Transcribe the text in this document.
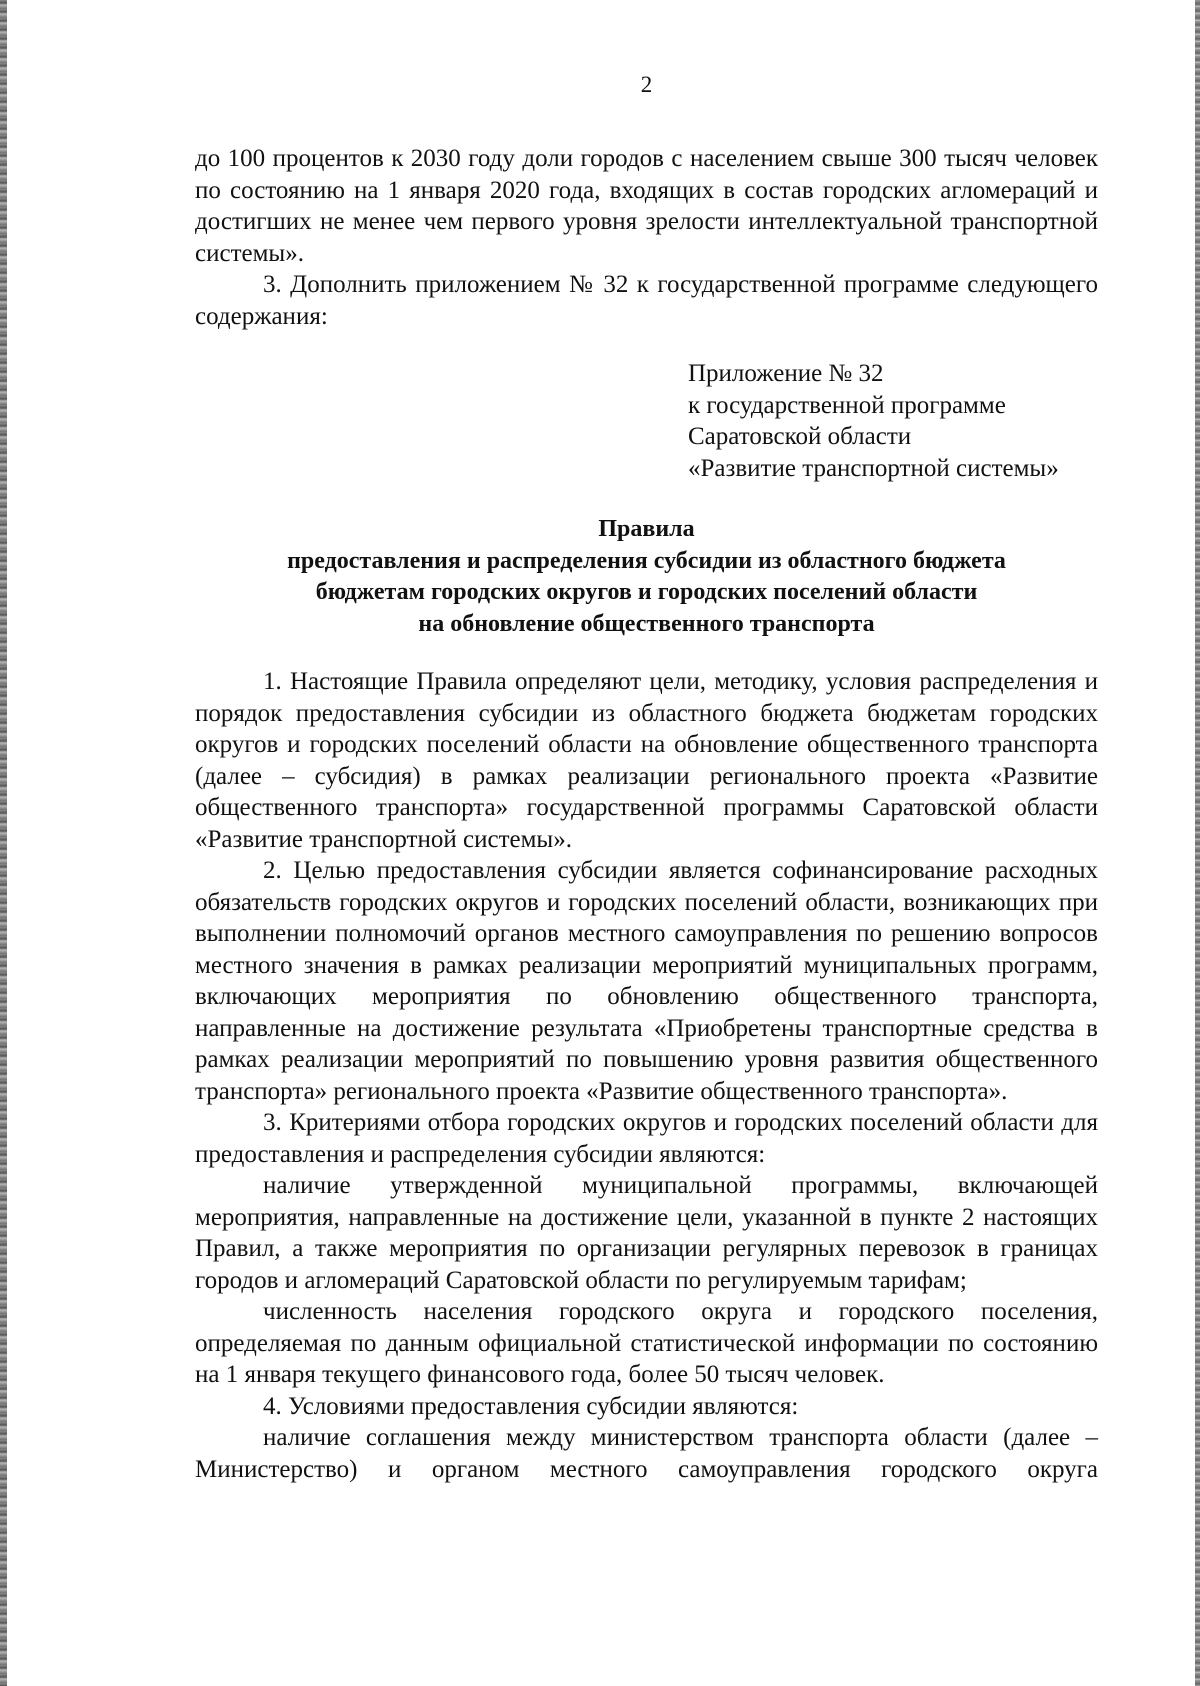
2

до 100 процентов к 2030 году доли городов с населением свыше 300 тысяч человек по состоянию на 1 января 2020 года, входящих в состав городских агломераций и достигших не менее чем первого уровня зрелости интеллектуальной транспортной системы».

3. Дополнить приложением № 32 к государственной программе следующего содержания:

Приложение № 32
к государственной программе
Саратовской области
«Развитие транспортной системы»
Правила
предоставления и распределения субсидии из областного бюджета
бюджетам городских округов и городских поселений области
на обновление общественного транспорта

1. Настоящие Правила определяют цели, методику, условия распределения и порядок предоставления субсидии из областного бюджета бюджетам городских округов и городских поселений области на обновление общественного транспорта (далее – субсидия) в рамках реализации регионального проекта «Развитие общественного транспорта» государственной программы Саратовской области «Развитие транспортной системы».

2. Целью предоставления субсидии является софинансирование расходных обязательств городских округов и городских поселений области, возникающих при выполнении полномочий органов местного самоуправления по решению вопросов местного значения в рамках реализации мероприятий муниципальных программ, включающих мероприятия по обновлению общественного транспорта, направленные на достижение результата «Приобретены транспортные средства в рамках реализации мероприятий по повышению уровня развития общественного транспорта» регионального проекта «Развитие общественного транспорта».

3. Критериями отбора городских округов и городских поселений области для предоставления и распределения субсидии являются:

наличие утвержденной муниципальной программы, включающей мероприятия, направленные на достижение цели, указанной в пункте 2 настоящих Правил, а также мероприятия по организации регулярных перевозок в границах городов и агломераций Саратовской области по регулируемым тарифам;

численность населения городского округа и городского поселения, определяемая по данным официальной статистической информации по состоянию на 1 января текущего финансового года, более 50 тысяч человек.

4. Условиями предоставления субсидии являются:

наличие соглашения между министерством транспорта области (далее – Министерство) и органом местного самоуправления городского округа
